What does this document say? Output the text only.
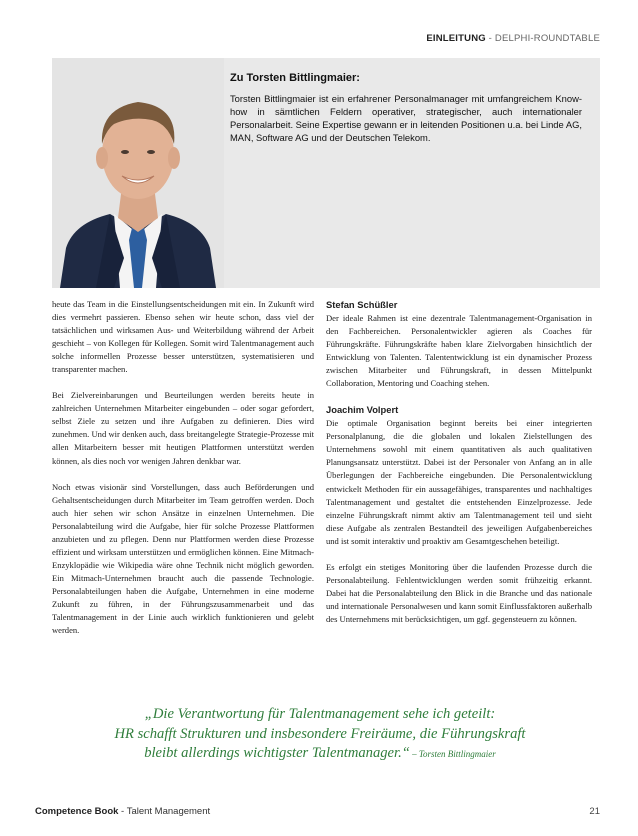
EINLEITUNG - DELPHI-ROUNDTABLE
Zu Torsten Bittlingmaier:
Torsten Bittlingmaier ist ein erfahrener Personalmanager mit umfangreichem Know-how in sämtlichen Feldern operativer, strategischer, auch internationaler Personalarbeit. Seine Expertise gewann er in leitenden Positionen u.a. bei Linde AG, MAN, Software AG und der Deutschen Telekom.

heute das Team in die Einstellungsentscheidungen mit ein. In Zukunft wird dies vermehrt passieren. Ebenso sehen wir heute schon, dass viel der tatsächlichen und wirksamen Aus- und Weiterbildung während der Arbeit geschieht – von Kollegen für Kollegen. Somit wird Talentmanagement auch solche informellen Prozesse besser unterstützen, systematisieren und transparenter machen.

Bei Zielvereinbarungen und Beurteilungen werden bereits heute in zahlreichen Unternehmen Mitarbeiter eingebunden – oder sogar gefordert, selbst Ziele zu setzen und ihre Aufgaben zu definieren. Dies wird zunehmen. Und wir denken auch, dass breitangelegte Strategie-Prozesse mit allen Mitarbeitern besser mit heutigen Plattformen unterstützt werden können, als dies noch vor wenigen Jahren denkbar war.

Noch etwas visionär sind Vorstellungen, dass auch Beförderungen und Gehaltsentscheidungen durch Mitarbeiter im Team getroffen werden. Doch auch hier sehen wir schon Ansätze in einzelnen Unternehmen. Die Personalabteilung wird die Aufgabe, hier für solche Prozesse Plattformen anzubieten und zu pflegen. Denn nur Plattformen werden diese Prozesse effizient und wirksam unterstützen und ermöglichen können. Eine Mitmach-Enzyklopädie wie Wikipedia wäre ohne Technik nicht möglich geworden. Ein Mitmach-Unternehmen braucht auch die passende Technologie. Personalabteilungen haben die Aufgabe, Unternehmen in eine moderne Zukunft zu führen, in der Führungszusammenarbeit und das Talentmanagement in der Linie auch wirklich funktionieren und gelebt werden.

Stefan Schüßler

Der ideale Rahmen ist eine dezentrale Talentmanagement-Organisation in den Fachbereichen. Personalentwickler agieren als Coaches für Führungskräfte. Führungskräfte haben klare Zielvorgaben hinsichtlich der Entwicklung von Talenten. Talententwicklung ist ein dynamischer Prozess zwischen Mitarbeiter und Führungskraft, in dessen Mittelpunkt Collaboration, Mentoring und Coaching stehen.

Joachim Volpert

Die optimale Organisation beginnt bereits bei einer integrierten Personalplanung, die die globalen und lokalen Zielstellungen des Unternehmens sowohl mit einem quantitativen als auch qualitativen Planungsansatz unterstützt. Dabei ist der Personaler von Anfang an in alle Überlegungen der Fachbereiche eingebunden. Die Personalentwicklung entwickelt Methoden für ein aussagefähiges, transparentes und nachhaltiges Talentmanagement und gestaltet die entstehenden Einzelprozesse. Jede einzelne Führungskraft nimmt aktiv am Talentmanagement teil und sieht diese Aufgabe als zentralen Bestandteil des jeweiligen Aufgabenbereiches und ist somit interaktiv und proaktiv am Gesamtgeschehen beteiligt.

Es erfolgt ein stetiges Monitoring über die laufenden Prozesse durch die Personalabteilung. Fehlentwicklungen werden somit frühzeitig erkannt. Dabei hat die Personalabteilung den Blick in die Branche und das nationale und internationale Personalwesen und kann somit Einflussfaktoren außerhalb des Unternehmens mit berücksichtigen, um ggf. gegensteuern zu können.

„Die Verantwortung für Talentmanagement sehe ich geteilt:
HR schafft Strukturen und insbesondere Freiräume, die Führungskraft
bleibt allerdings wichtigster Talentmanager.“ – Torsten Bittlingmaier
Competence Book - Talent Management	21
